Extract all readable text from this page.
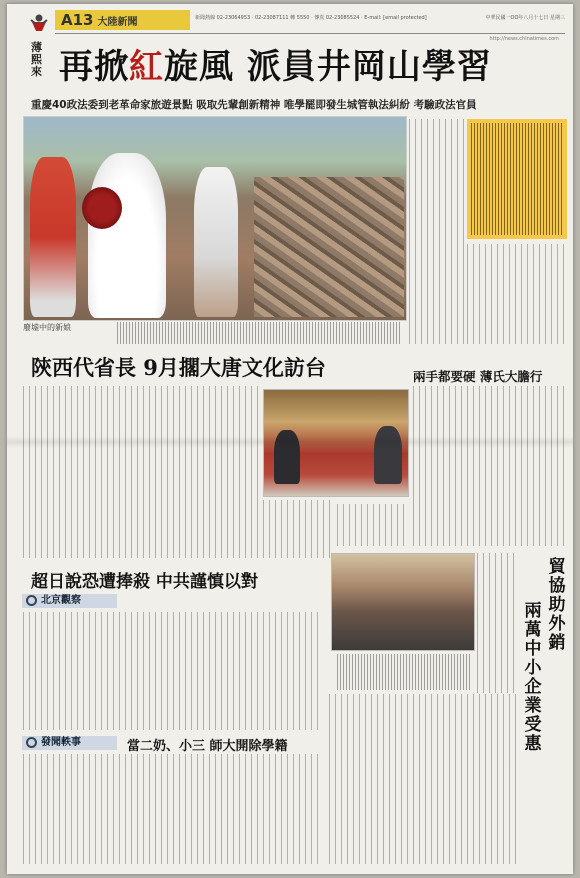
A13 大陸新聞	新聞熱線 02-23064953 · 02-23087111 轉 5550 · 傳真 02-23085524 · E-mail: [email protected]	中華民國一OO年八月十七日 星期三
http://news.chinatimes.com
薄熙來 再掀紅旋風 派員井岡山學習
重慶40政法委到老革命家旅遊景點 吸取先輩創新精神 唯學罷即發生城管執法糾紛 考驗政法官員
廢墟中的新娘
陝西代省長 9月擱大唐文化訪台	兩手都要硬 薄氏大膽行
超日說恐遭捧殺 中共謹慎以對
北京觀察
發聞軼事	當二奶、小三 師大開除學籍
貿協助外銷
兩萬中小企業受惠
